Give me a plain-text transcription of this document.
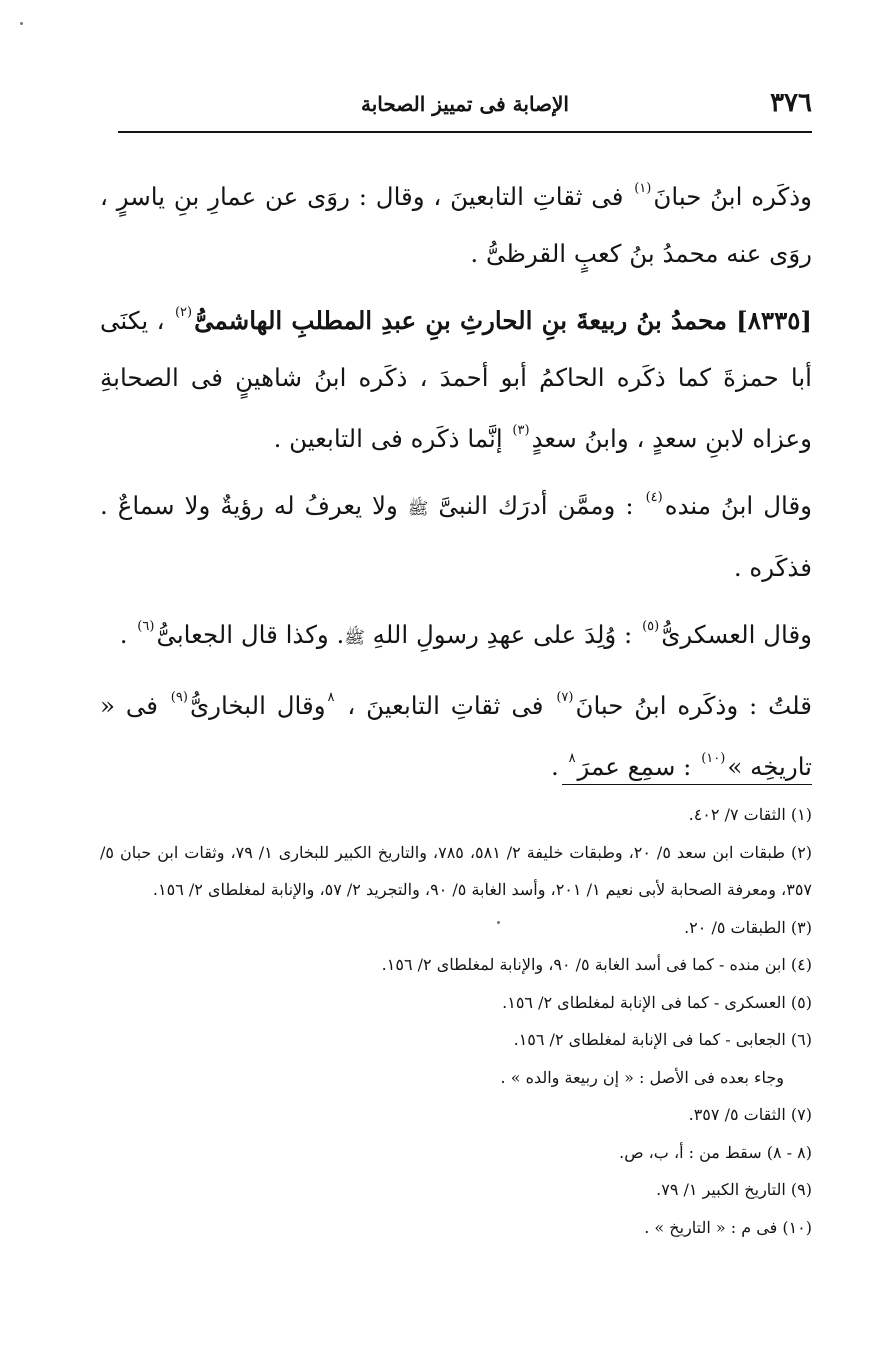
٣٧٦
الإصابة فى تمييز الصحابة

وذكَره ابنُ حبانَ$^{(١)}$ فى ثقاتِ التابعينَ ، وقال : روَى عن عمارِ بنِ ياسرٍ ، روَى عنه محمدُ بنُ كعبٍ القرظىُّ .

[٨٣٣٥] محمدُ بنُ ربيعةَ بنِ الحارثِ بنِ عبدِ المطلبِ الهاشمىُّ$^{(٢)}$ ، يكنَى أبا حمزةَ كما ذكَره الحاكمُ أبو أحمدَ ، ذكَره ابنُ شاهينٍ فى الصحابةِ وعزاه لابنِ سعدٍ ، وابنُ سعدٍ$^{(٣)}$ إنَّما ذكَره فى التابعين .

وقال ابنُ منده$^{(٤)}$ : وممَّن أدرَك النبىَّ ﷺ ولا يعرفُ له رؤيةٌ ولا سماعٌ . فذكَره .

وقال العسكرىُّ$^{(٥)}$ : وُلِدَ على عهدِ رسولِ اللهِ ﷺ. وكذا قال الجعابىُّ$^{(٦)}$ .

قلتُ : وذكَره ابنُ حبانَ$^{(٧)}$ فى ثقاتِ التابعينَ ، $^٨$وقال البخارىُّ$^{(٩)}$ فى « تاريخِه »$^{(١٠)}$ : سمِع عمرَ$^٨$ .

(١) الثقات ٧/ ٤٠٢.

(٢) طبقات ابن سعد ٥/ ٢٠، وطبقات خليفة ٢/ ٥٨١، ٧٨٥، والتاريخ الكبير للبخارى ١/ ٧٩، وثقات ابن حبان ٥/ ٣٥٧، ومعرفة الصحابة لأبى نعيم ١/ ٢٠١، وأسد الغابة ٥/ ٩٠، والتجريد ٢/ ٥٧، والإنابة لمغلطاى ٢/ ١٥٦.

(٣) الطبقات ٥/ ٢٠.

(٤) ابن منده - كما فى أسد الغابة ٥/ ٩٠، والإنابة لمغلطاى ٢/ ١٥٦.

(٥) العسكرى - كما فى الإنابة لمغلطاى ٢/ ١٥٦.

(٦) الجعابى - كما فى الإنابة لمغلطاى ٢/ ١٥٦.

وجاء بعده فى الأصل : « إن ربيعة والده » .

(٧) الثقات ٥/ ٣٥٧.

(٨ - ٨) سقط من : أ، ب، ص.

(٩) التاريخ الكبير ١/ ٧٩.

(١٠) فى م : « التاريخ » .
